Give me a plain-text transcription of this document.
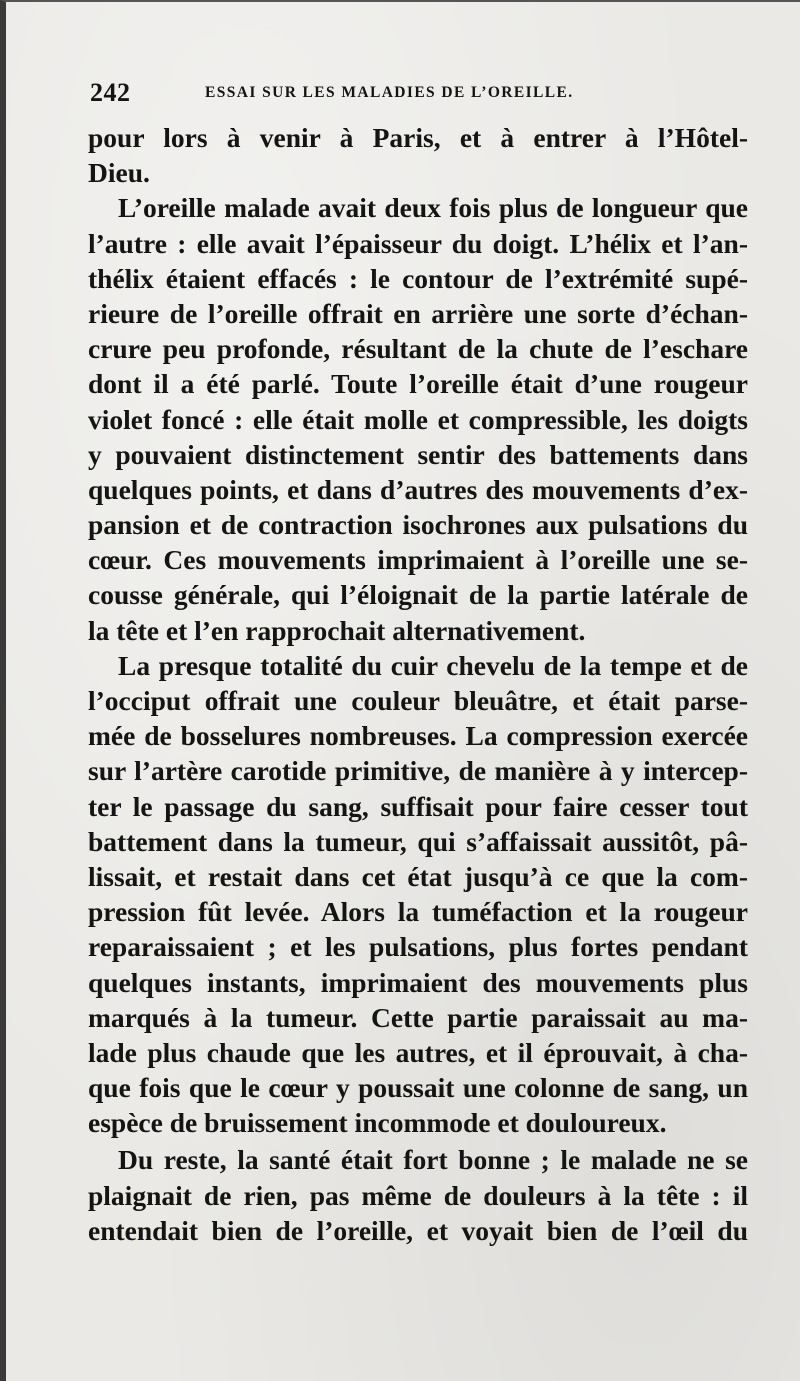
242	ESSAI SUR LES MALADIES DE L’OREILLE.
pour lors à venir à Paris, et à entrer à l’Hôtel-
Dieu.
L’oreille malade avait deux fois plus de longueur que
l’autre : elle avait l’épaisseur du doigt. L’hélix et l’an-
thélix étaient effacés : le contour de l’extrémité supé-
rieure de l’oreille offrait en arrière une sorte d’échan-
crure peu profonde, résultant de la chute de l’eschare
dont il a été parlé. Toute l’oreille était d’une rougeur
violet foncé : elle était molle et compressible, les doigts
y pouvaient distinctement sentir des battements dans
quelques points, et dans d’autres des mouvements d’ex-
pansion et de contraction isochrones aux pulsations du
cœur. Ces mouvements imprimaient à l’oreille une se-
cousse générale, qui l’éloignait de la partie latérale de
la tête et l’en rapprochait alternativement.
La presque totalité du cuir chevelu de la tempe et de
l’occiput offrait une couleur bleuâtre, et était parse-
mée de bosselures nombreuses. La compression exercée
sur l’artère carotide primitive, de manière à y intercep-
ter le passage du sang, suffisait pour faire cesser tout
battement dans la tumeur, qui s’affaissait aussitôt, pâ-
lissait, et restait dans cet état jusqu’à ce que la com-
pression fût levée. Alors la tuméfaction et la rougeur
reparaissaient ; et les pulsations, plus fortes pendant
quelques instants, imprimaient des mouvements plus
marqués à la tumeur. Cette partie paraissait au ma-
lade plus chaude que les autres, et il éprouvait, à cha-
que fois que le cœur y poussait une colonne de sang, un
espèce de bruissement incommode et douloureux.
Du reste, la santé était fort bonne ; le malade ne se
plaignait de rien, pas même de douleurs à la tête : il
entendait bien de l’oreille, et voyait bien de l’œil du
